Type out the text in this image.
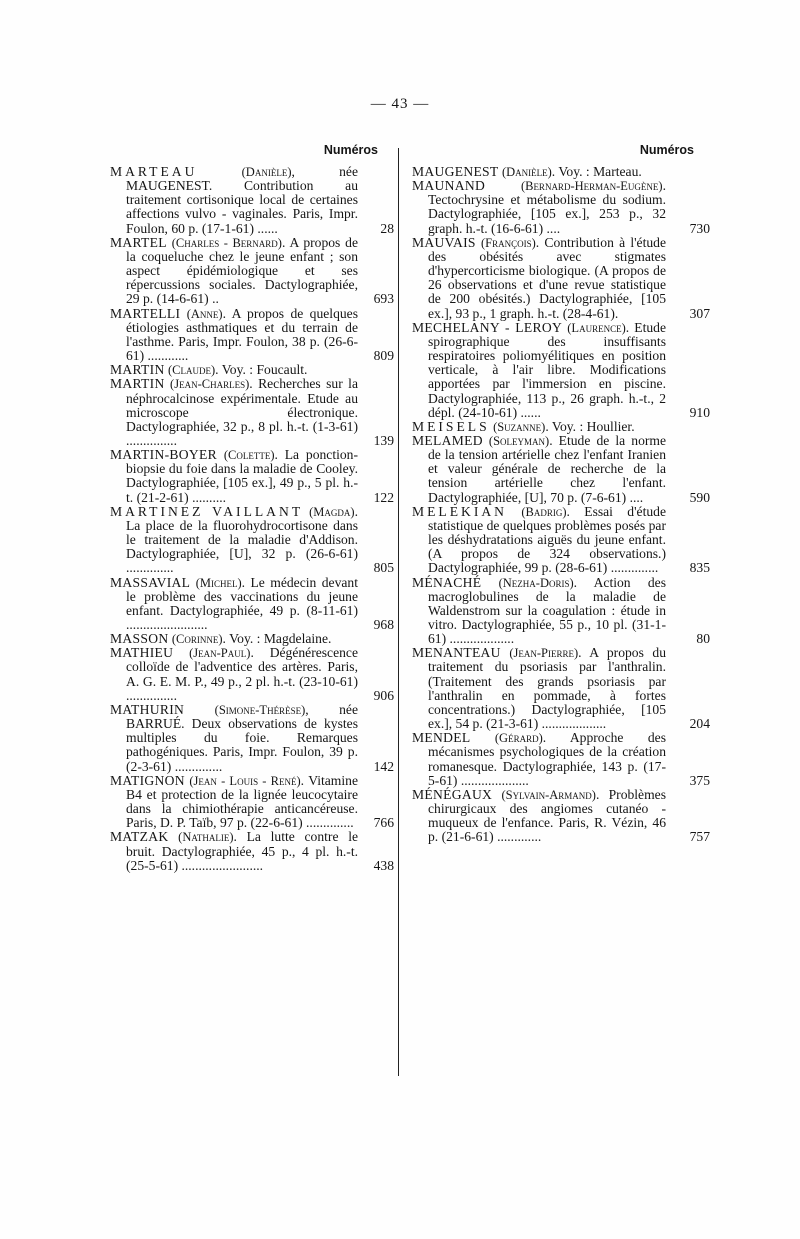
— 43 —
Numéros	Numéros
MARTEAU	(Danièle), née MAUGENEST. Contribution au traitement cortisonique local de certaines affections vulvo - vaginales. Paris, Impr. Foulon, 60 p. (17-1-61) ......	28
MARTEL (Charles - Bernard). A propos de la coqueluche chez le jeune enfant ; son aspect épidémiologique et ses répercussions sociales. Dactylographiée, 29 p. (14-6-61) ..	693
MARTELLI (Anne). A propos de quelques étiologies asthmatiques et du terrain de l'asthme. Paris, Impr. Foulon, 38 p. (26-6-61) ............	809
MARTIN (Claude). Voy. : Foucault.
MARTIN (Jean-Charles). Recherches sur la néphrocalcinose expérimentale. Etude au microscope électronique. Dactylographiée, 32 p., 8 pl. h.-t. (1-3-61) ...............	139
MARTIN-BOYER (Colette). La ponction-biopsie du foie dans la maladie de Cooley. Dactylographiée, [105 ex.], 49 p., 5 pl. h.-t. (21-2-61) ..........	122
MARTINEZ VAILLANT (Magda). La place de la fluorohydrocortisone dans le traitement de la maladie d'Addison. Dactylographiée, [U], 32 p. (26-6-61) ..............	805
MASSAVIAL (Michel). Le médecin devant le problème des vaccinations du jeune enfant. Dactylographiée, 49 p. (8-11-61) ........................	968
MASSON (Corinne). Voy. : Magdelaine.
MATHIEU (Jean-Paul). Dégénérescence colloïde de l'adventice des artères. Paris, A. G. E. M. P., 49 p., 2 pl. h.-t. (23-10-61) ...............	906
MATHURIN (Simone-Thérèse), née BARRUÉ. Deux observations de kystes multiples du foie. Remarques pathogéniques. Paris, Impr. Foulon, 39 p. (2-3-61) ..............	142
MATIGNON (Jean - Louis - René). Vitamine B4 et protection de la lignée leucocytaire dans la chimiothérapie anticancéreuse. Paris, D. P. Taïb, 97 p. (22-6-61) ..............	766
MATZAK (Nathalie). La lutte contre le bruit. Dactylographiée, 45 p., 4 pl. h.-t. (25-5-61) ........................	438
MAUGENEST (Danièle). Voy. : Marteau.
MAUNAND	(Bernard-Herman-Eugène). Tectochrysine et métabolisme du sodium. Dactylographiée, [105 ex.], 253 p., 32 graph. h.-t. (16-6-61) ....	730
MAUVAIS (François). Contribution à l'étude des obésités avec stigmates d'hypercorticisme biologique. (A propos de 26 observations et d'une revue statistique de 200 obésités.) Dactylographiée, [105 ex.], 93 p., 1 graph. h.-t. (28-4-61).	307
MECHELANY - LEROY (Laurence). Etude spirographique des insuffisants respiratoires poliomyélitiques en position verticale, à l'air libre. Modifications apportées par l'immersion en piscine. Dactylographiée, 113 p., 26 graph. h.-t., 2 dépl. (24-10-61) ......	910
MEISELS (Suzanne). Voy. : Houllier.
MELAMED (Soleyman). Etude de la norme de la tension artérielle chez l'enfant Iranien et valeur générale de recherche de la tension artérielle chez l'enfant. Dactylographiée, [U], 70 p. (7-6-61) ....	590
MELEKIAN (Badrig). Essai d'étude statistique de quelques problèmes posés par les déshydratations aiguës du jeune enfant. (A propos de 324 observations.) Dactylographiée, 99 p. (28-6-61) ..............	835
MÉNACHÉ (Nezha-Doris). Action des macroglobulines de la maladie de Waldenstrom sur la coagulation : étude in vitro. Dactylographiée, 55 p., 10 pl. (31-1-61) ...................	80
MENANTEAU (Jean-Pierre). A propos du traitement du psoriasis par l'anthralin. (Traitement des grands psoriasis par l'anthralin en pommade, à fortes concentrations.) Dactylographiée, [105 ex.], 54 p. (21-3-61) ...................	204
MENDEL (Gérard). Approche des mécanismes psychologiques de la création romanesque. Dactylographiée, 143 p. (17-5-61) ....................	375
MÉNÉGAUX (Sylvain-Armand). Problèmes chirurgicaux des angiomes cutanéo - muqueux de l'enfance. Paris, R. Vézin, 46 p. (21-6-61) .............	757
